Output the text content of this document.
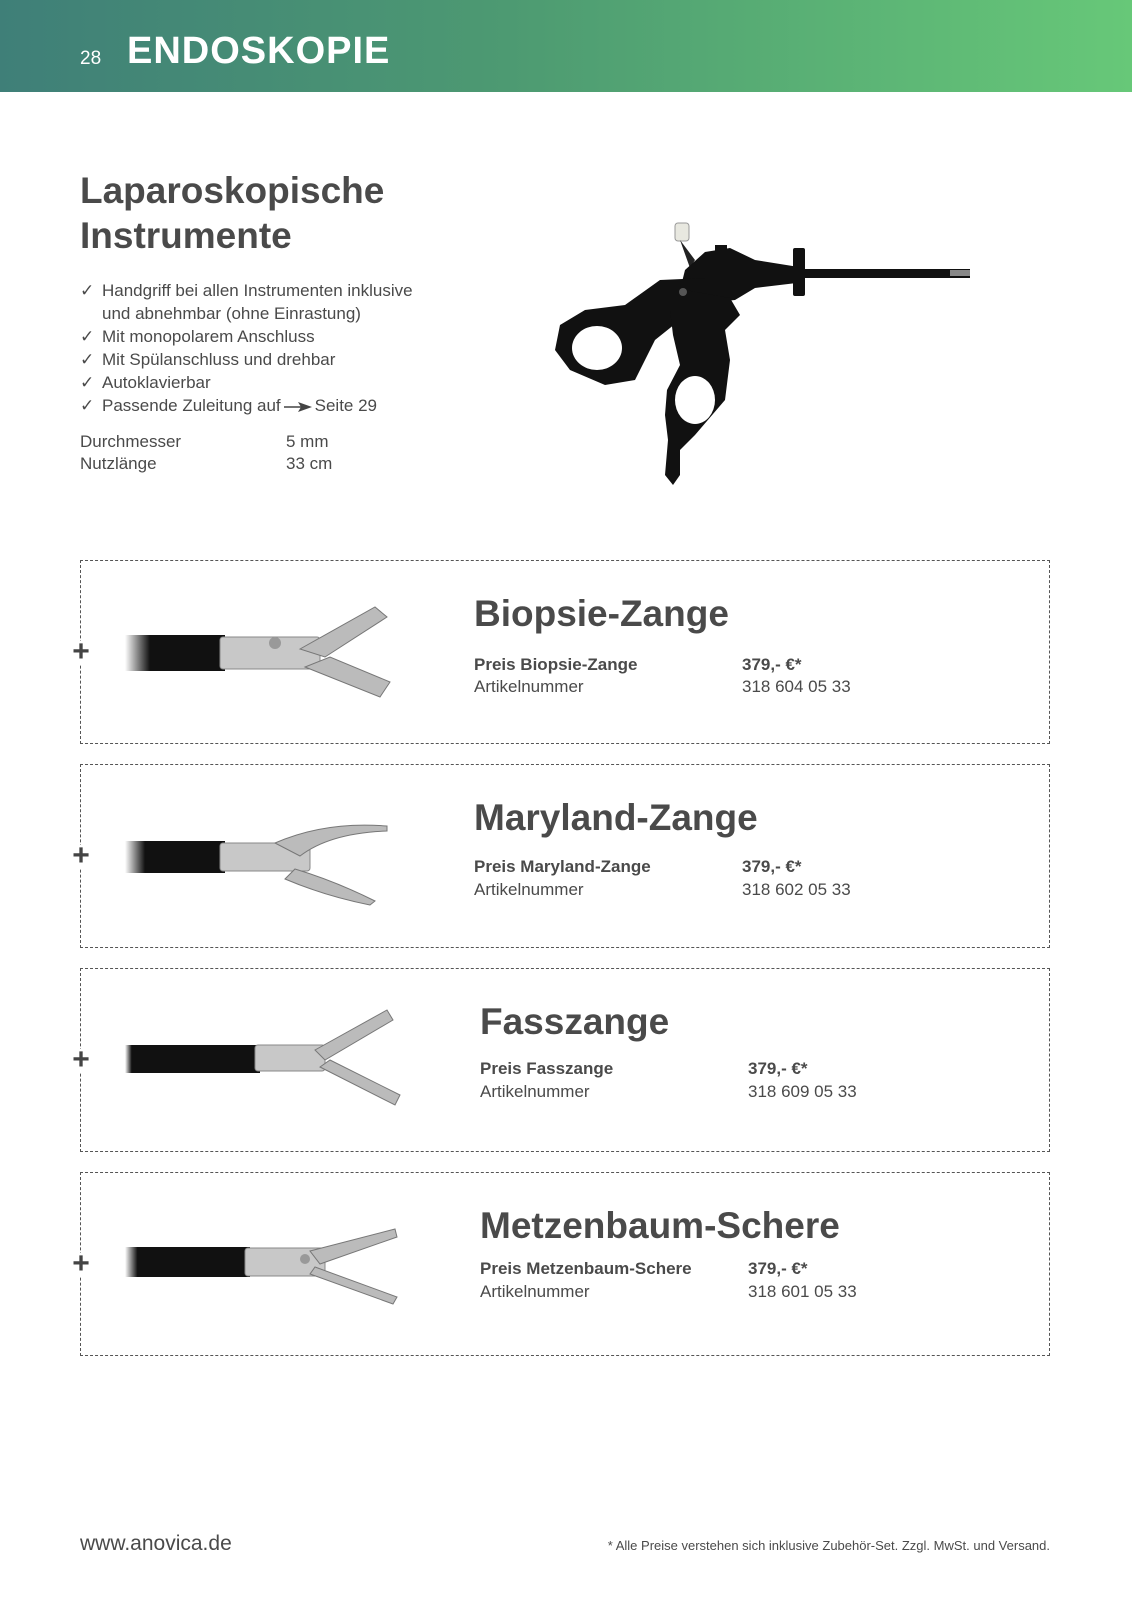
28 ENDOSKOPIE
Laparoskopische
Instrumente
✓ Handgriff bei allen Instrumenten inklusive
und abnehmbar (ohne Einrastung)
✓ Mit monopolarem Anschluss
✓ Mit Spülanschluss und drehbar
✓ Autoklavierbar
✓ Passende Zuleitung auf Seite 29
Durchmesser	5 mm
Nutzlänge	33 cm
+
Biopsie-Zange
Preis Biopsie-Zange	379,- €*
Artikelnummer	318 604 05 33
+
Maryland-Zange
Preis Maryland-Zange	379,- €*
Artikelnummer	318 602 05 33
+
Fasszange
Preis Fasszange	379,- €*
Artikelnummer	318 609 05 33
+
Metzenbaum-Schere
Preis Metzenbaum-Schere	379,- €*
Artikelnummer	318 601 05 33
www.anovica.de	* Alle Preise verstehen sich inklusive Zubehör-Set. Zzgl. MwSt. und Versand.
